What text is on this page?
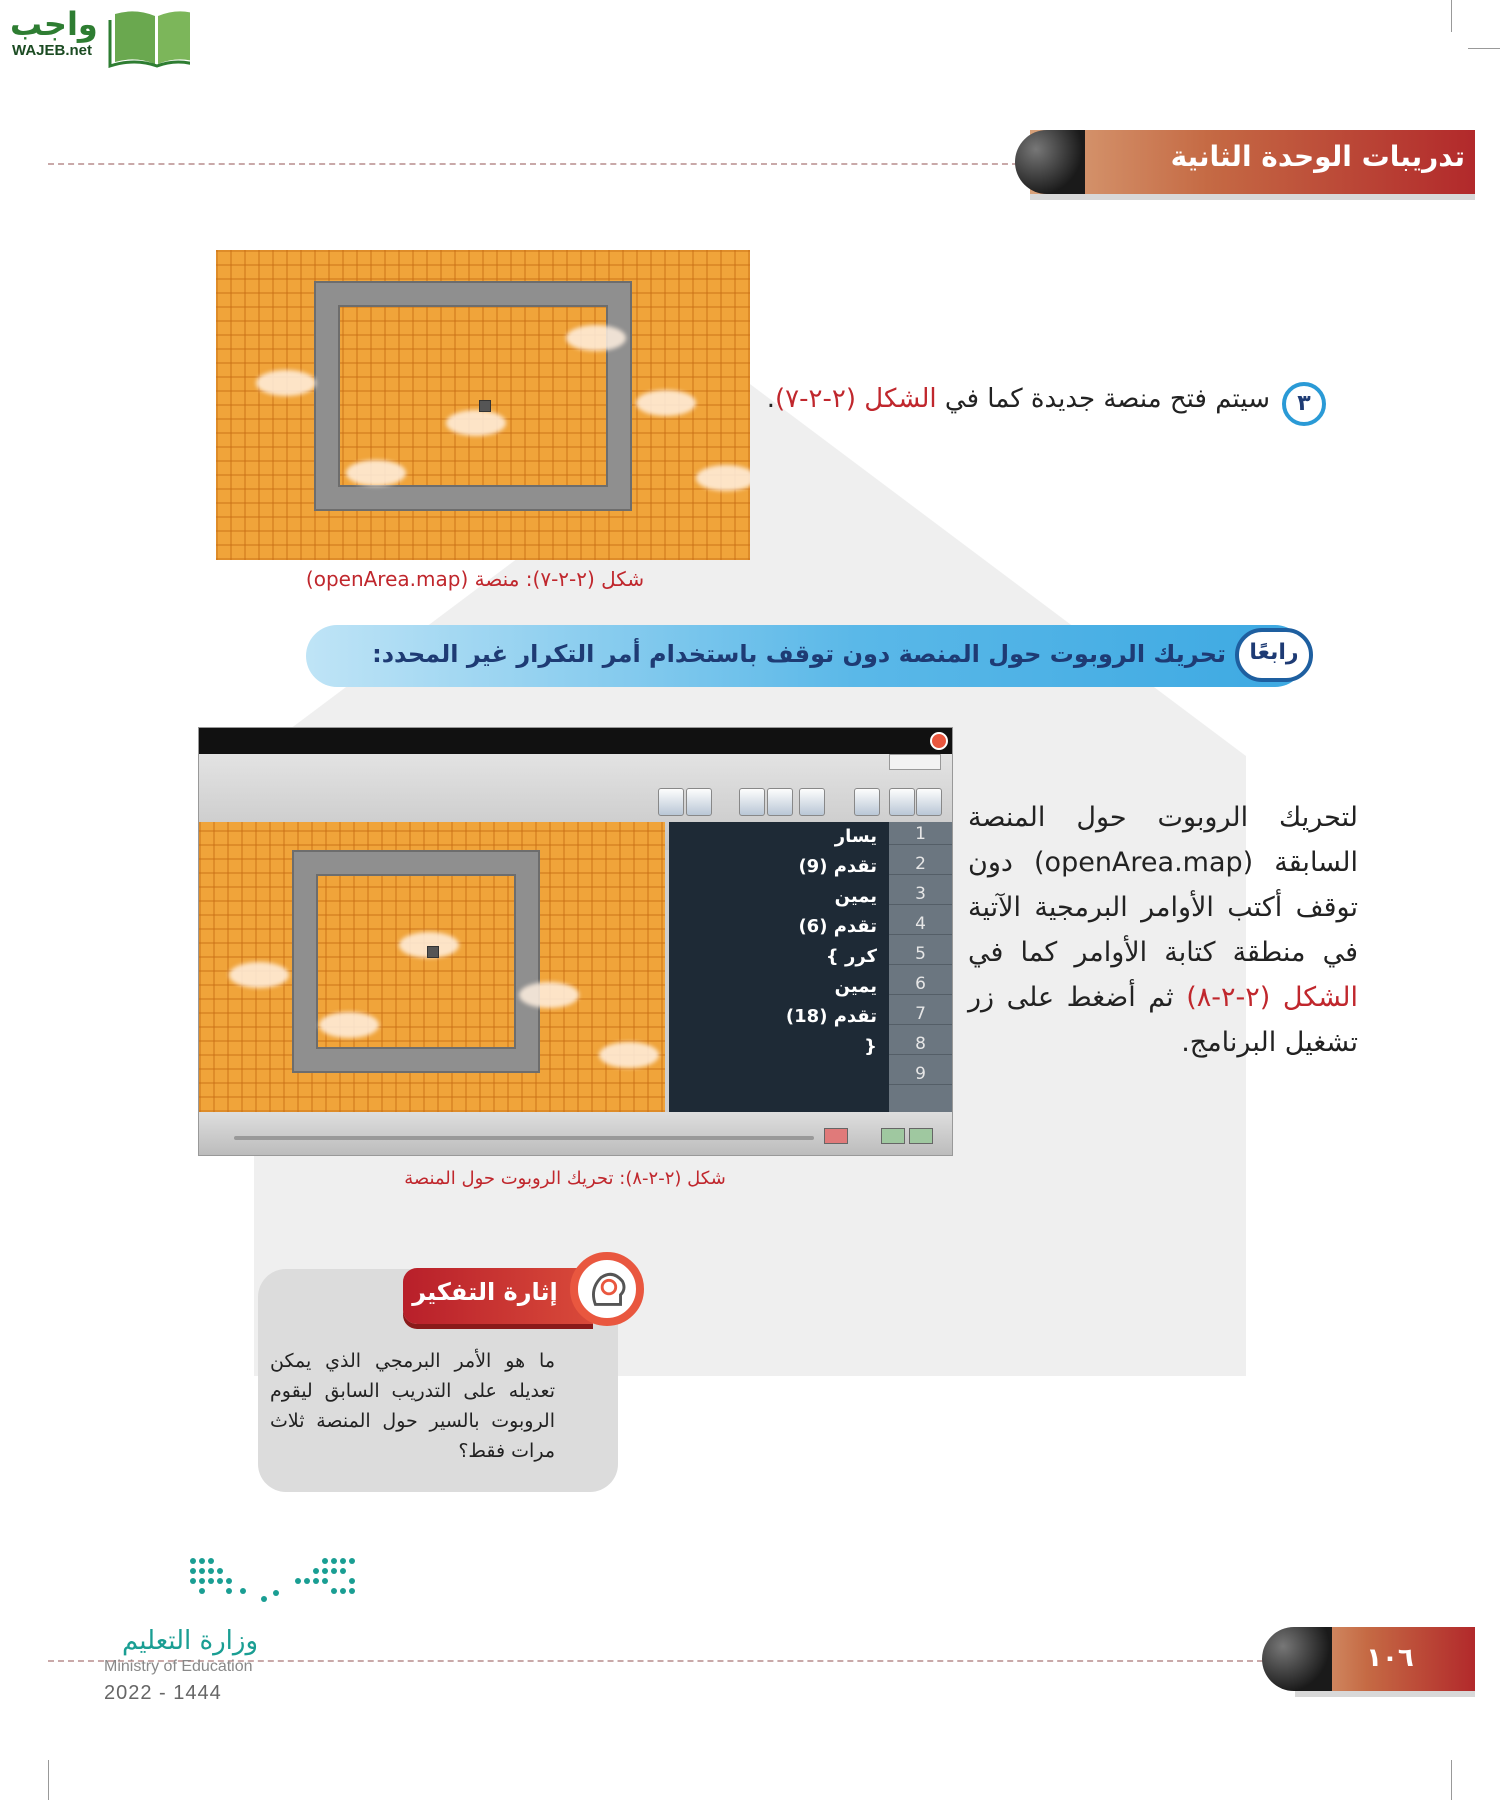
واجب
WAJEB.net
تدريبات الوحدة الثانية
٣
سيتم فتح منصة جديدة كما في الشكل (٢-٢-٧).
شكل (٢-٢-٧): منصة (openArea.map)
رابعًا
تحريك الروبوت حول المنصة دون توقف باستخدام أمر التكرار غير المحدد:
1
2
3
4
5
6
7
8
9
يسار
تقدم (9)
يمين
تقدم (6)
كرر }
يمين
تقدم (18)
{
شكل (٢-٢-٨): تحريك الروبوت حول المنصة
لتحريك الروبوت حول المنصة السابقة (openArea.map) دون توقف أكتب الأوامر البرمجية الآتية في منطقة كتابة الأوامر كما في الشكل (٢-٢-٨) ثم أضغط على زر تشغيل البرنامج.
إثارة التفكير
ما هو الأمر البرمجي الذي يمكن تعديله على التدريب السابق ليقوم الروبوت بالسير حول المنصة ثلاث مرات فقط؟
وزارة التعليم
Ministry of Education
2022 - 1444
١٠٦
